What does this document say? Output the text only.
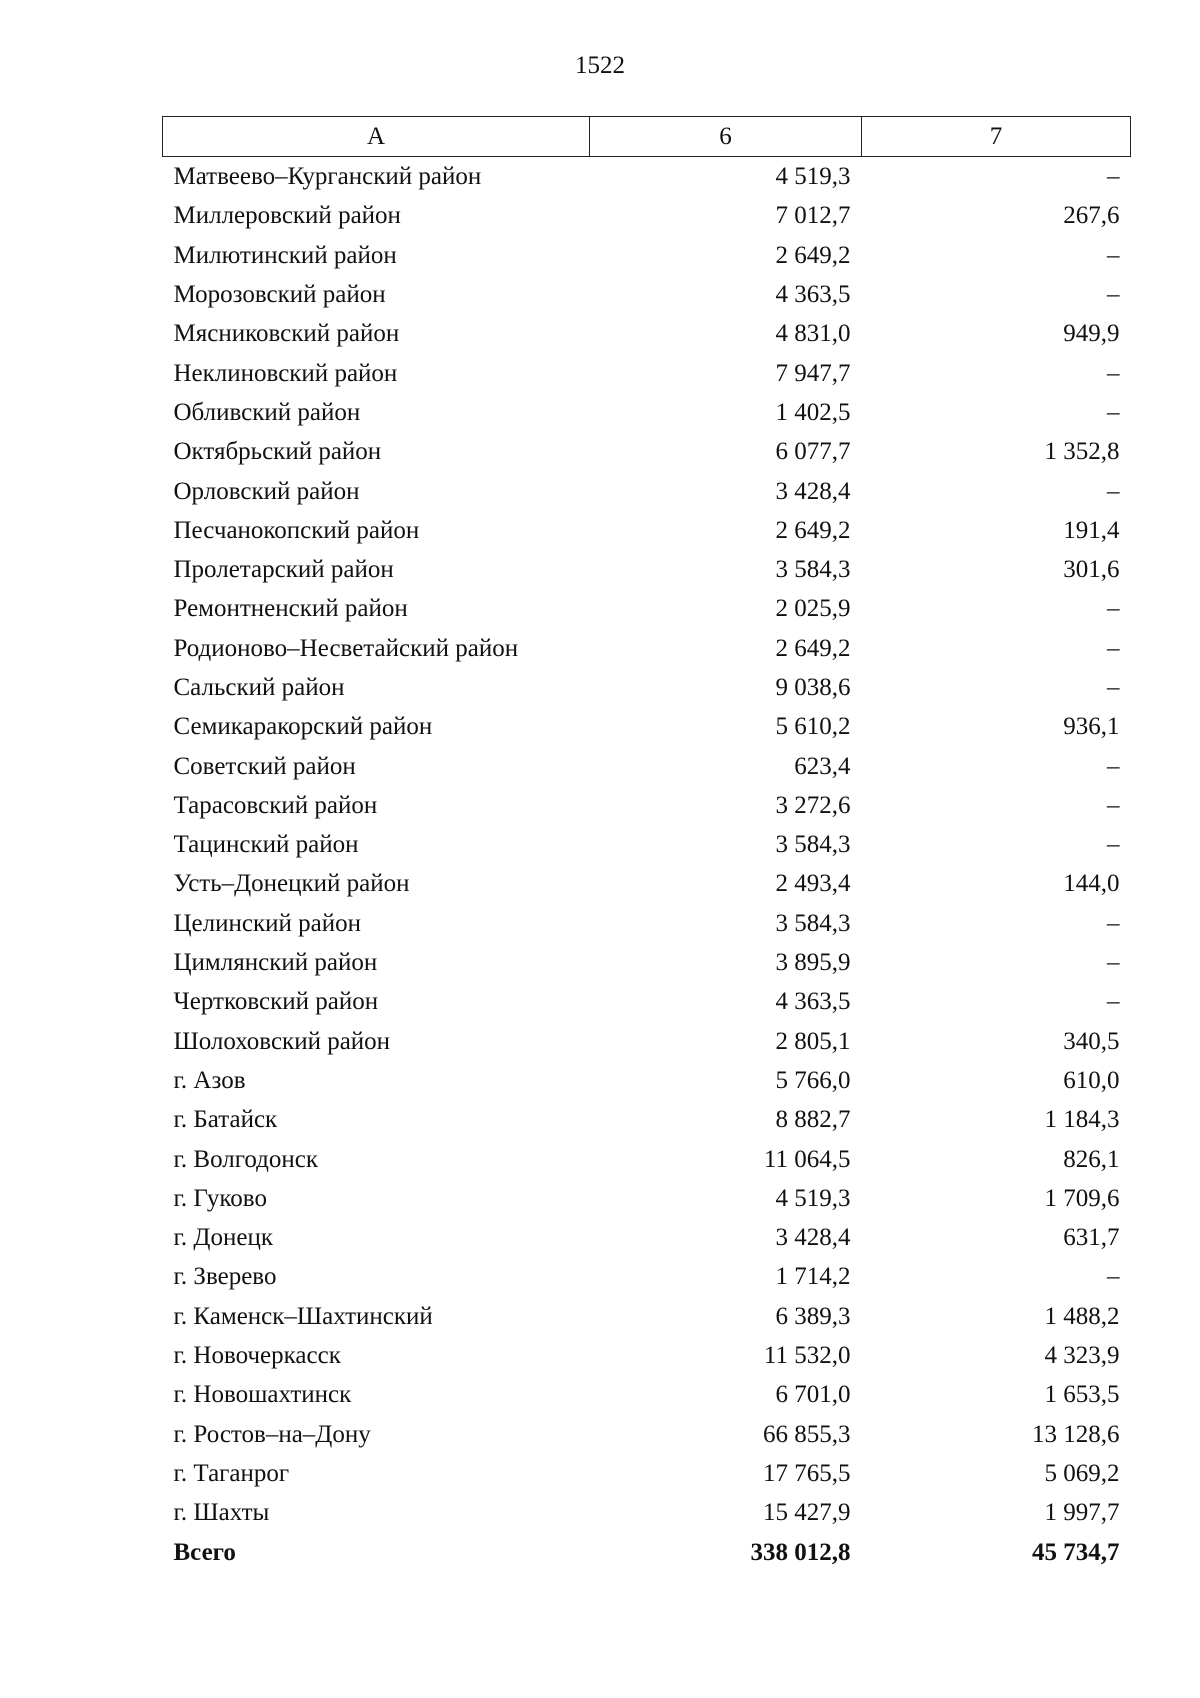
1522
А	6	7
Матвеево–Курганский район	4 519,3	–
Миллеровский район	7 012,7	267,6
Милютинский район	2 649,2	–
Морозовский район	4 363,5	–
Мясниковский район	4 831,0	949,9
Неклиновский район	7 947,7	–
Обливский район	1 402,5	–
Октябрьский район	6 077,7	1 352,8
Орловский район	3 428,4	–
Песчанокопский район	2 649,2	191,4
Пролетарский район	3 584,3	301,6
Ремонтненский район	2 025,9	–
Родионово–Несветайский район	2 649,2	–
Сальский район	9 038,6	–
Семикаракорский район	5 610,2	936,1
Советский район	623,4	–
Тарасовский район	3 272,6	–
Тацинский район	3 584,3	–
Усть–Донецкий район	2 493,4	144,0
Целинский район	3 584,3	–
Цимлянский район	3 895,9	–
Чертковский район	4 363,5	–
Шолоховский район	2 805,1	340,5
г. Азов	5 766,0	610,0
г. Батайск	8 882,7	1 184,3
г. Волгодонск	11 064,5	826,1
г. Гуково	4 519,3	1 709,6
г. Донецк	3 428,4	631,7
г. Зверево	1 714,2	–
г. Каменск–Шахтинский	6 389,3	1 488,2
г. Новочеркасск	11 532,0	4 323,9
г. Новошахтинск	6 701,0	1 653,5
г. Ростов–на–Дону	66 855,3	13 128,6
г. Таганрог	17 765,5	5 069,2
г. Шахты	15 427,9	1 997,7
Всего	338 012,8	45 734,7
